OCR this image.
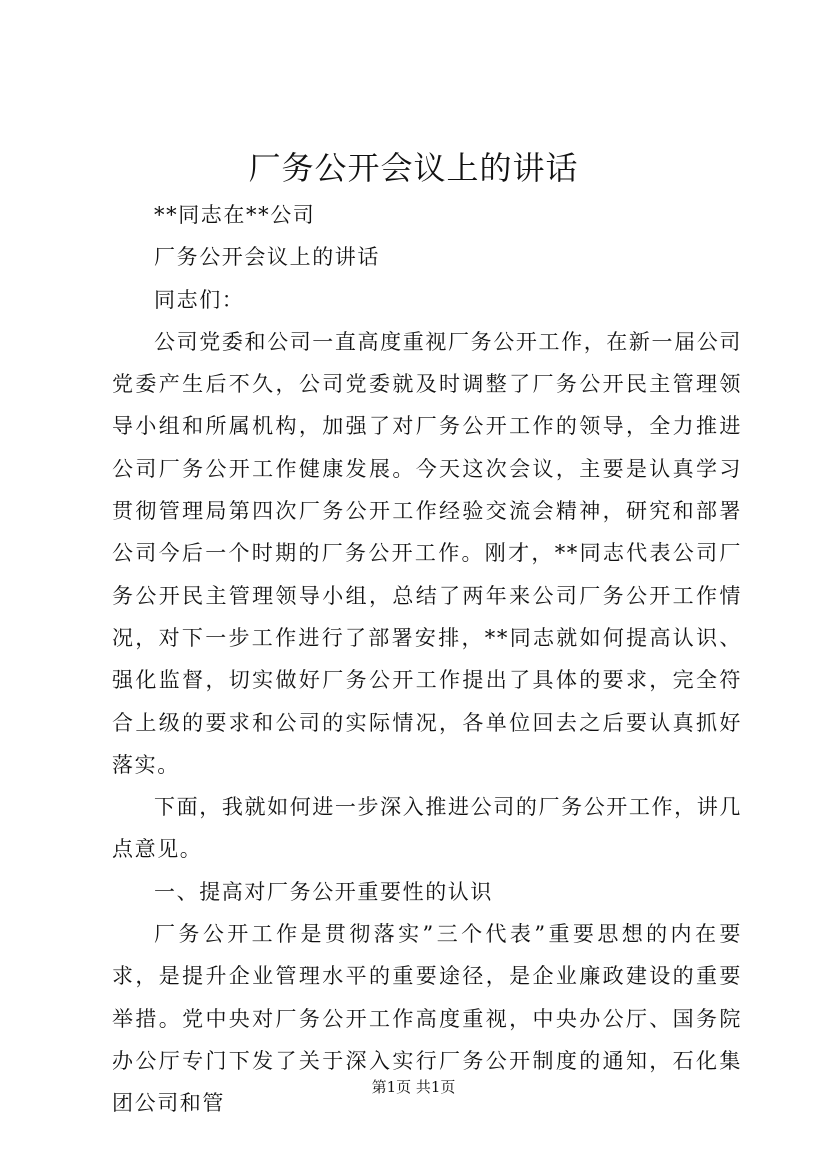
厂务公开会议上的讲话

**同志在**公司

厂务公开会议上的讲话

同志们：

公司党委和公司一直高度重视厂务公开工作，在新一届公司党委产生后不久，公司党委就及时调整了厂务公开民主管理领导小组和所属机构，加强了对厂务公开工作的领导，全力推进公司厂务公开工作健康发展。今天这次会议，主要是认真学习贯彻管理局第四次厂务公开工作经验交流会精神，研究和部署公司今后一个时期的厂务公开工作。刚才，**同志代表公司厂务公开民主管理领导小组，总结了两年来公司厂务公开工作情况，对下一步工作进行了部署安排，**同志就如何提高认识、强化监督，切实做好厂务公开工作提出了具体的要求，完全符合上级的要求和公司的实际情况，各单位回去之后要认真抓好落实。

下面，我就如何进一步深入推进公司的厂务公开工作，讲几点意见。

一、提高对厂务公开重要性的认识

厂务公开工作是贯彻落实”三个代表”重要思想的内在要求，是提升企业管理水平的重要途径，是企业廉政建设的重要举措。党中央对厂务公开工作高度重视，中央办公厅、国务院办公厅专门下发了关于深入实行厂务公开制度的通知，石化集团公司和管

第1页 共1页
